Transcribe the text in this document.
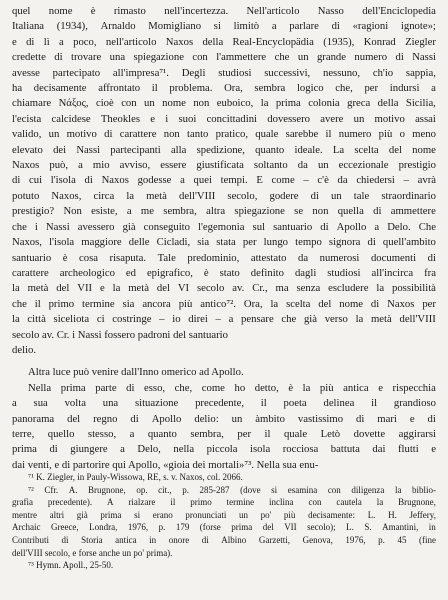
quel nome è rimasto nell'incertezza. Nell'articolo Nasso dell'Enciclopedia
Italiana (1934), Arnaldo Momigliano si limitò a parlare di «ragioni ignote»;
e di lì a poco, nell'articolo Naxos della Real-Encyclopädia (1935), Konrad Ziegler
credette di trovare una spiegazione con l'ammettere che un grande numero di Nassi
avesse partecipato all'impresa⁷¹. Degli studiosi successivi, nessuno, ch'io sappia,
ha decisamente affrontato il problema. Ora, sembra logico che, per indursi a
chiamare Νάξος, cioè con un nome non euboico, la prima colonia greca della Sicilia,
l'ecista calcidese Theokles e i suoi concittadini dovessero avere un motivo assai
valido, un motivo di carattere non tanto pratico, quale sarebbe il numero più o meno
elevato dei Nassi partecipanti alla spedizione, quanto ideale. La scelta del nome
Naxos può, a mio avviso, essere giustificata soltanto da un eccezionale prestigio
di cui l'isola di Naxos godesse a quei tempi. E come – c'è da chiedersi – avrà
potuto Naxos, circa la metà dell'VIII secolo, godere di un tale straordinario
prestigio? Non esiste, a me sembra, altra spiegazione se non quella di ammettere
che i Nassi avessero già conseguito l'egemonia sul santuario di Apollo a Delo. Che
Naxos, l'isola maggiore delle Cicladi, sia stata per lungo tempo signora di quell'ambito
santuario è cosa risaputa. Tale predominio, attestato da numerosi documenti di
carattere archeologico ed epigrafico, è stato definito dagli studiosi all'incirca fra
la metà del VII e la metà del VI secolo av. Cr., ma senza escludere la possibilità
che il primo termine sia ancora più antico⁷². Ora, la scelta del nome di Naxos per
la città siceliota ci costringe – io direi – a pensare che già verso la metà dell'VIII
secolo av. Cr. i Nassi fossero padroni del santuario
delio.
Altra luce può venire dall'Inno omerico ad Apollo.
Nella prima parte di esso, che, come ho detto, è la più antica e rispecchia
a sua volta una situazione precedente, il poeta delinea il grandioso
panorama del regno di Apollo delio: un àmbito vastissimo di mari e di
terre, quello stesso, a quanto sembra, per il quale Letò dovette aggirarsi
prima di giungere a Delo, nella piccola isola rocciosa battuta dai flutti e
dai venti, e di partorire qui Apollo, «gioia dei mortali»⁷³. Nella sua enu-
⁷¹ K. Ziegler, in Pauly-Wissowa, RE, s. v. Naxos, col. 2066.
⁷² Cfr. A. Brugnone, op. cit., p. 285-287 (dove si esamina con diligenza la biblio-
grafia precedente). A rialzare il primo termine inclina con cautela la Brugnone,
mentre altri già prima si erano pronunciati un po' più decisamente: L. H. Jeffery,
Archaic Greece, Londra, 1976, p. 179 (forse prima del VII secolo); L. S. Amantini, in
Contributi di Storia antica in onore di Albino Garzetti, Genova, 1976, p. 45 (fine
dell'VIII secolo, e forse anche un po' prima).
⁷³ Hymn. Apoll., 25-50.
